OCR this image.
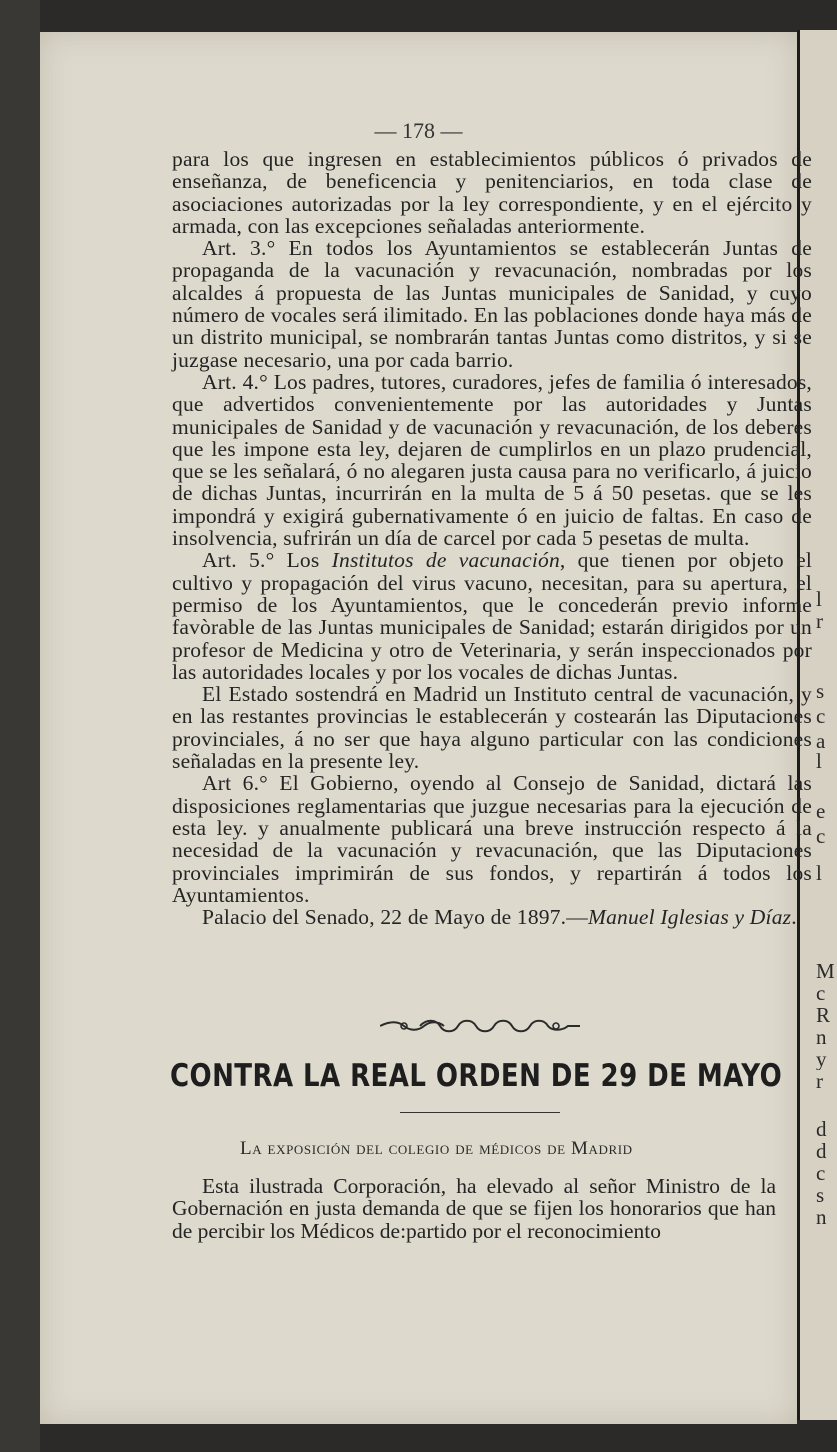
l
r
s
c
a
l
e
c
l
M
c
R
n
y
r
d
d
c
s
n
— 178 —

para los que ingresen en establecimientos públicos ó privados de enseñanza, de beneficencia y penitenciarios, en toda clase de asociaciones autorizadas por la ley correspondiente, y en el ejército y armada, con las excepciones señaladas anteriormente.

Art. 3.° En todos los Ayuntamientos se establecerán Juntas de propaganda de la vacunación y revacunación, nombradas por los alcaldes á propuesta de las Juntas municipales de Sanidad, y cuyo número de vocales será ilimitado. En las poblaciones donde haya más de un distrito municipal, se nombrarán tantas Juntas como distritos, y si se juzgase necesario, una por cada barrio.

Art. 4.° Los padres, tutores, curadores, jefes de familia ó interesados, que advertidos convenientemente por las autoridades y Juntas municipales de Sanidad y de vacunación y revacunación, de los deberes que les impone esta ley, dejaren de cumplirlos en un plazo prudencial, que se les señalará, ó no alegaren justa causa para no verificarlo, á juicio de dichas Juntas, incurrirán en la multa de 5 á 50 pesetas. que se les impondrá y exigirá gubernativamente ó en juicio de faltas. En caso de insolvencia, sufrirán un día de carcel por cada 5 pesetas de multa.

Art. 5.° Los Institutos de vacunación, que tienen por objeto el cultivo y propagación del virus vacuno, necesitan, para su apertura, el permiso de los Ayuntamientos, que le concederán previo informe favòrable de las Juntas municipales de Sanidad; estarán dirigidos por un profesor de Medicina y otro de Veterinaria, y serán inspeccionados por las autoridades locales y por los vocales de dichas Juntas.

El Estado sostendrá en Madrid un Instituto central de vacunación, y en las restantes provincias le establecerán y costearán las Diputaciones provinciales, á no ser que haya alguno particular con las condiciones señaladas en la presente ley.

Art 6.° El Gobierno, oyendo al Consejo de Sanidad, dictará las disposiciones reglamentarias que juzgue necesarias para la ejecución de esta ley. y anualmente publicará una breve instrucción respecto á la necesidad de la vacunación y revacunación, que las Diputaciones provinciales imprimirán de sus fondos, y repartirán á todos los Ayuntamientos.

Palacio del Senado, 22 de Mayo de 1897.—Manuel Iglesias y Díaz.

CONTRA LA REAL ORDEN DE 29 DE MAYO
La exposición del colegio de médicos de Madrid

Esta ilustrada Corporación, ha elevado al señor Ministro de la Gobernación en justa demanda de que se fijen los honorarios que han de percibir los Médicos de:partido por el reconocimiento
